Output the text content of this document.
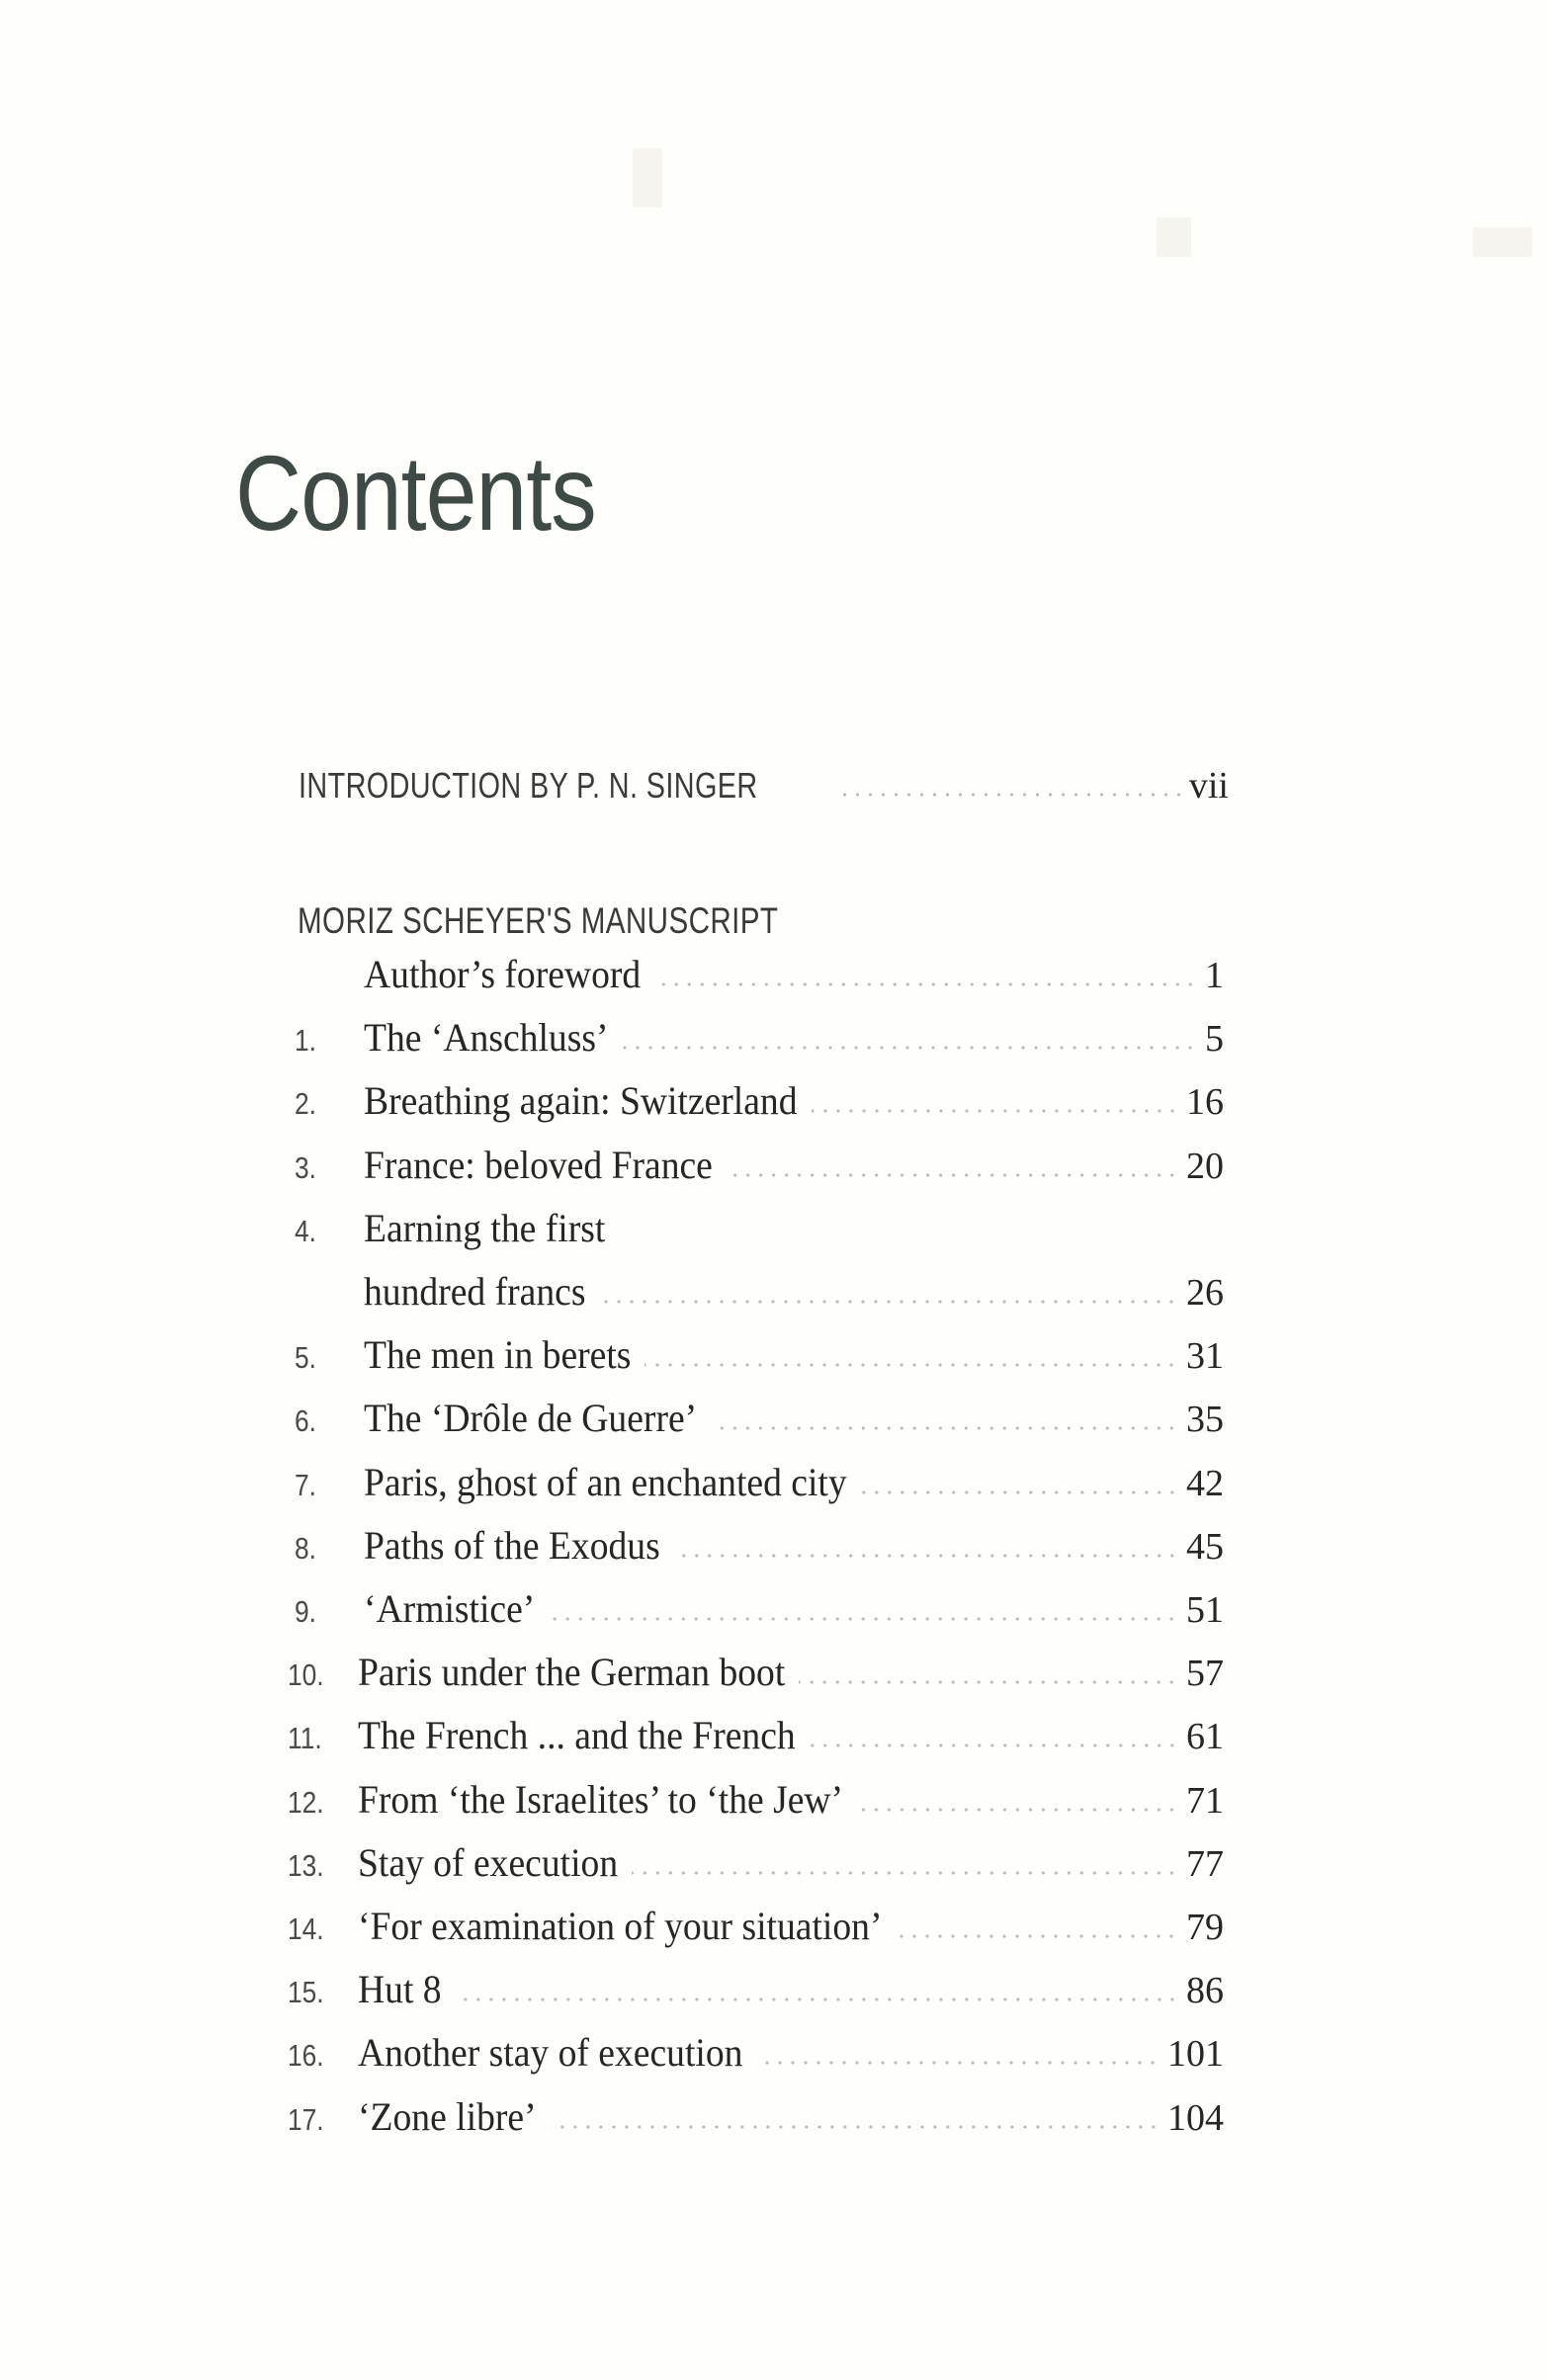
Contents
INTRODUCTION BY P. N. SINGER	vii
MORIZ SCHEYER'S MANUSCRIPT
Author’s foreword	1
1. The ‘Anschluss’	5
2. Breathing again: Switzerland	16
3. France: beloved France	20
4. Earning the first
hundred francs	26
5. The men in berets	31
6. The ‘Drôle de Guerre’	35
7. Paris, ghost of an enchanted city	42
8. Paths of the Exodus	45
9. ‘Armistice’	51
10. Paris under the German boot	57
11. The French ... and the French	61
12. From ‘the Israelites’ to ‘the Jew’	71
13. Stay of execution	77
14. ‘For examination of your situation’	79
15. Hut 8	86
16. Another stay of execution	101
17. ‘Zone libre’	104
